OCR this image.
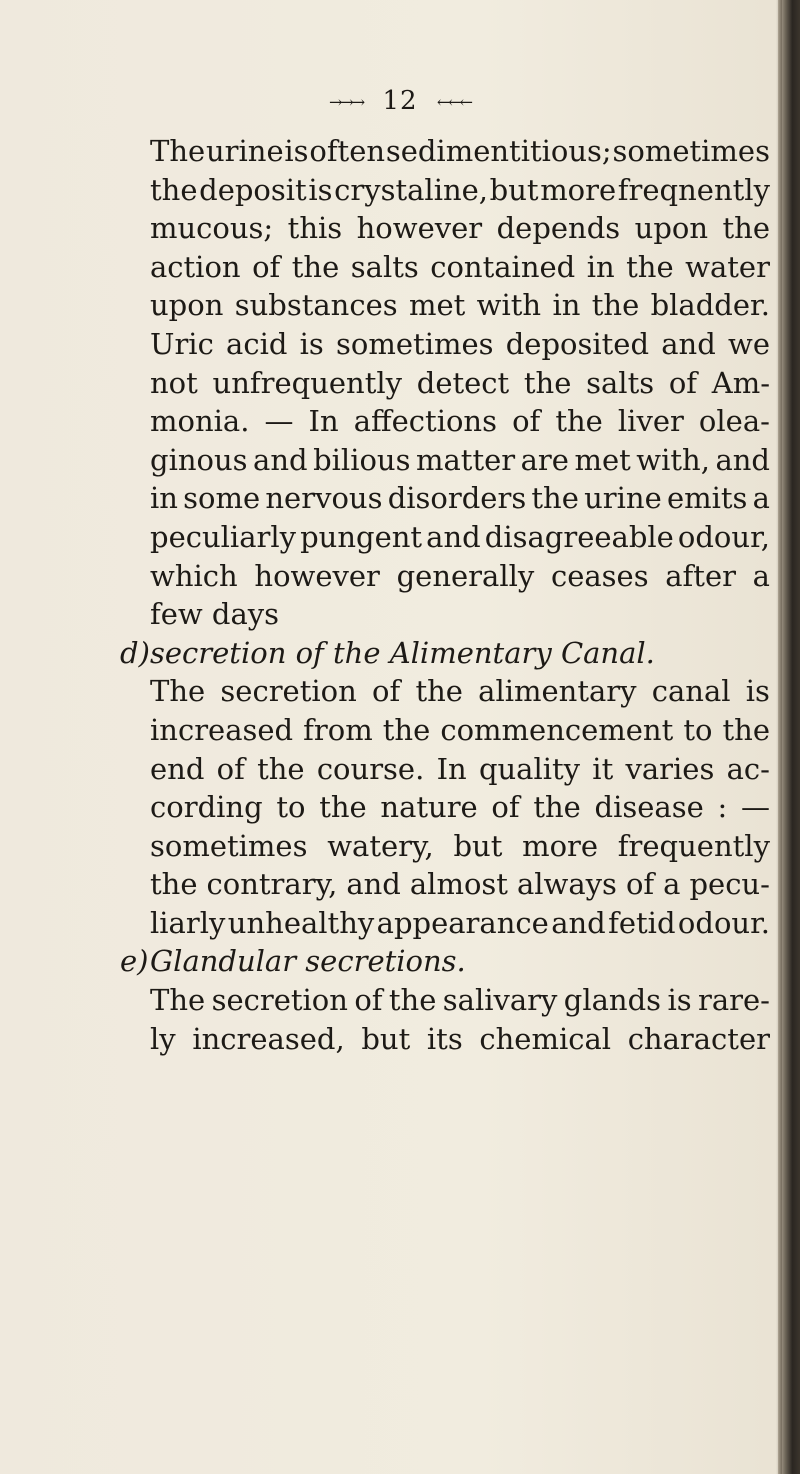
→→→ 12 ←←←
The urine is often sedimentitious; sometimes
the deposit is crystaline, but more freqnently
mucous; this however depends upon the
action of the salts contained in the water
upon substances met with in the bladder.
Uric acid is sometimes deposited and we
not unfrequently detect the salts of Am-
monia. — In affections of the liver olea-
ginous and bilious matter are met with, and
in some nervous disorders the urine emits a
peculiarly pungent and disagreeable odour,
which however generally ceases after a
few days
d) secretion of the Alimentary Canal.
The secretion of the alimentary canal is
increased from the commencement to the
end of the course. In quality it varies ac-
cording to the nature of the disease : —
sometimes watery, but more frequently
the contrary, and almost always of a pecu-
liarly unhealthy appearance and fetid odour.
e) Glandular secretions.
The secretion of the salivary glands is rare-
ly increased, but its chemical character
